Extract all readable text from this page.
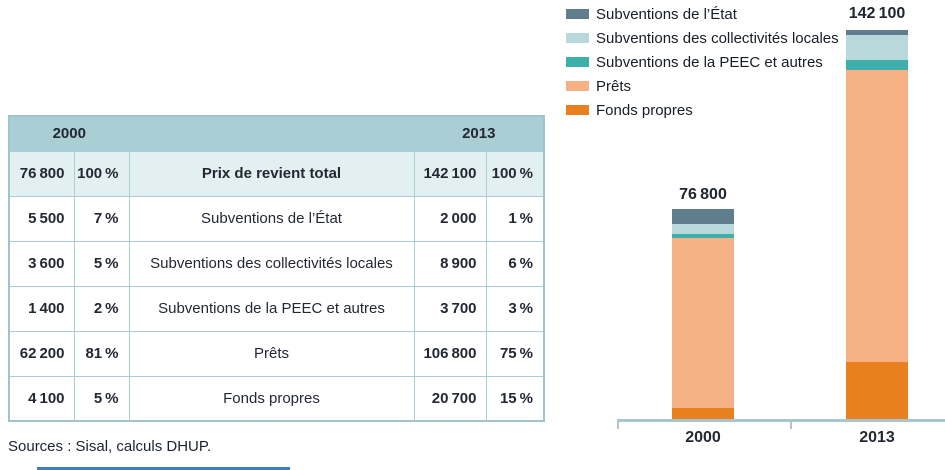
2000			2013	
76 800	100 %	Prix de revient total	142 100	100 %
5 500	7 %	Subventions de l’État	2 000	1 %
3 600	5 %	Subventions des collectivités locales	8 900	6 %
1 400	2 %	Subventions de la PEEC et autres	3 700	3 %
62 200	81 %	Prêts	106 800	75 %
4 100	5 %	Fonds propres	20 700	15 %
Sources : Sisal, calculs DHUP.
Subventions de l’État
Subventions des collectivités locales
Subventions de la PEEC et autres
Prêts
Fonds propres
76 800
142 100
2000	2013
